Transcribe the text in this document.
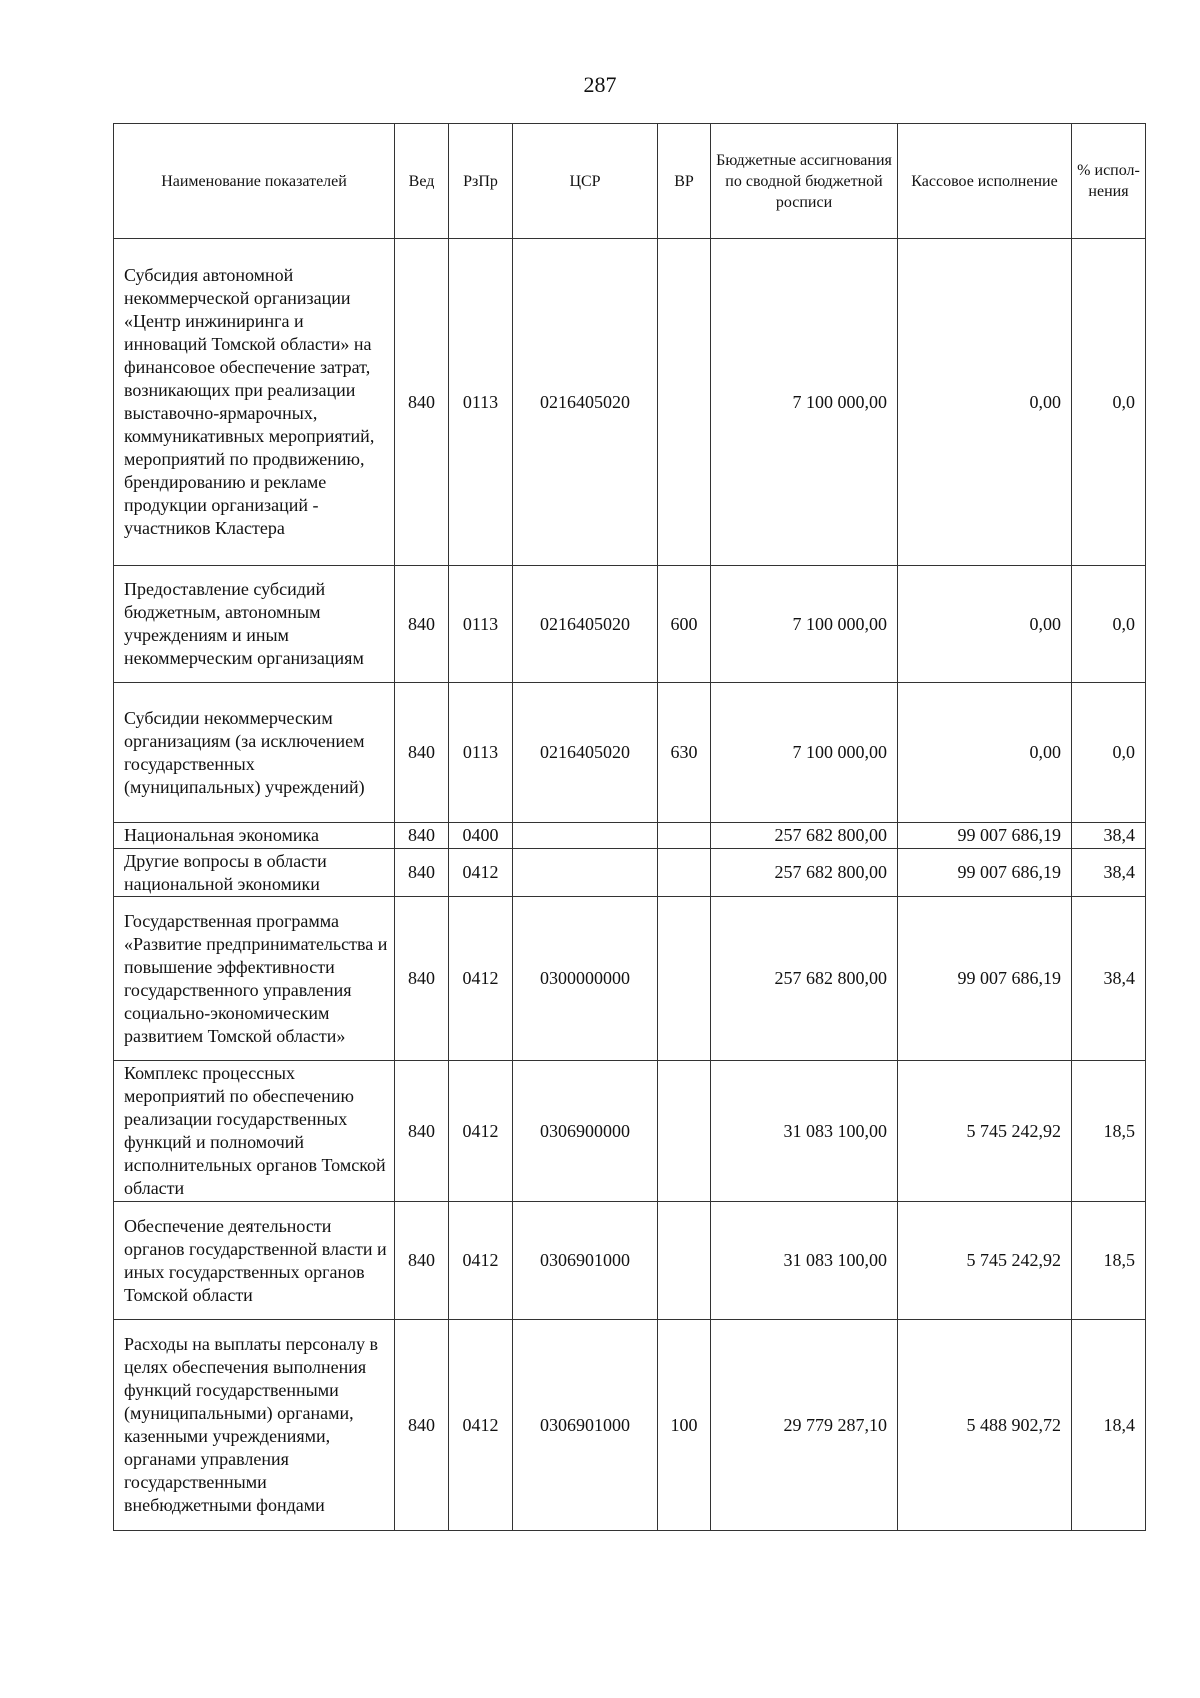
287
Наименование показателей	Вед	РзПр	ЦСР	ВР	Бюджетные ассигнования по сводной бюджетной росписи	Кассовое исполнение	% испол-нения
Субсидия автономной некоммерческой организации «Центр инжиниринга и инноваций Томской области» на финансовое обеспечение затрат, возникающих при реализации выставочно-ярмарочных, коммуникативных мероприятий, мероприятий по продвижению, брендированию и рекламе продукции организаций - участников Кластера	840	0113	0216405020		7 100 000,00	0,00	0,0
Предоставление субсидий бюджетным, автономным учреждениям и иным некоммерческим организациям	840	0113	0216405020	600	7 100 000,00	0,00	0,0
Субсидии некоммерческим организациям (за исключением государственных (муниципальных) учреждений)	840	0113	0216405020	630	7 100 000,00	0,00	0,0
Национальная экономика	840	0400			257 682 800,00	99 007 686,19	38,4
Другие вопросы в области национальной экономики	840	0412			257 682 800,00	99 007 686,19	38,4
Государственная программа «Развитие предпринимательства и повышение эффективности государственного управления социально-экономическим развитием Томской области»	840	0412	0300000000		257 682 800,00	99 007 686,19	38,4
Комплекс процессных мероприятий по обеспечению реализации государственных функций и полномочий исполнительных органов Томской области	840	0412	0306900000		31 083 100,00	5 745 242,92	18,5
Обеспечение деятельности органов государственной власти и иных государственных органов Томской области	840	0412	0306901000		31 083 100,00	5 745 242,92	18,5
Расходы на выплаты персоналу в целях обеспечения выполнения функций государственными (муниципальными) органами, казенными учреждениями, органами управления государственными внебюджетными фондами	840	0412	0306901000	100	29 779 287,10	5 488 902,72	18,4
